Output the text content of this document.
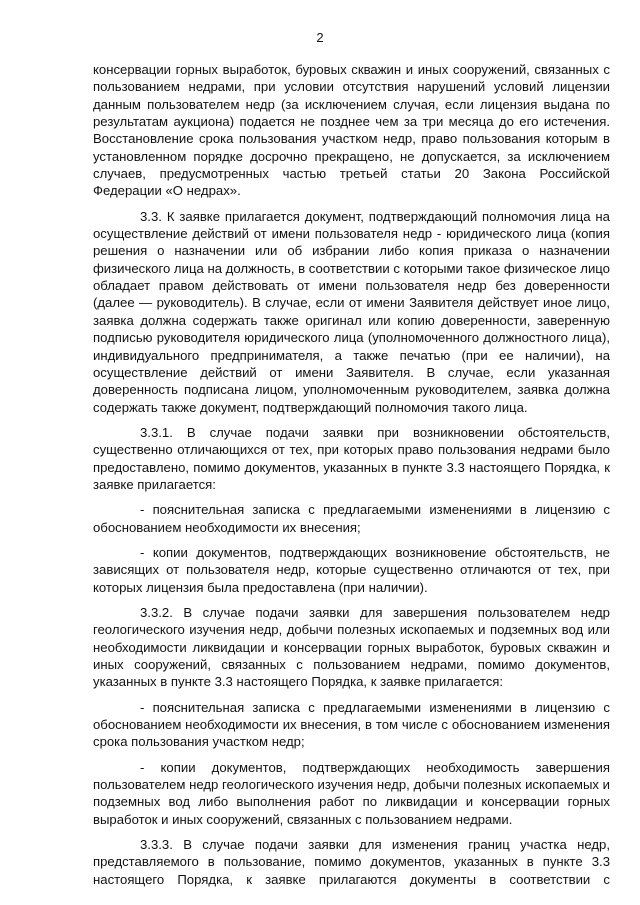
2

консервации горных выработок, буровых скважин и иных сооружений, связанных с пользованием недрами, при условии отсутствия нарушений условий лицензии данным пользователем недр (за исключением случая, если лицензия выдана по результатам аукциона) подается не позднее чем за три месяца до его истечения. Восстановление срока пользования участком недр, право пользования которым в установленном порядке досрочно прекращено, не допускается, за исключением случаев, предусмотренных частью третьей статьи 20 Закона Российской Федерации «О недрах».

3.3. К заявке прилагается документ, подтверждающий полномочия лица на осуществление действий от имени пользователя недр - юридического лица (копия решения о назначении или об избрании либо копия приказа о назначении физического лица на должность, в соответствии с которыми такое физическое лицо обладает правом действовать от имени пользователя недр без доверенности (далее — руководитель). В случае, если от имени Заявителя действует иное лицо, заявка должна содержать также оригинал или копию доверенности, заверенную подписью руководителя юридического лица (уполномоченного должностного лица), индивидуального предпринимателя, а также печатью (при ее наличии), на осуществление действий от имени Заявителя. В случае, если указанная доверенность подписана лицом, уполномоченным руководителем, заявка должна содержать также документ, подтверждающий полномочия такого лица.

3.3.1. В случае подачи заявки при возникновении обстоятельств, существенно отличающихся от тех, при которых право пользования недрами было предоставлено, помимо документов, указанных в пункте 3.3 настоящего Порядка, к заявке прилагается:

- пояснительная записка с предлагаемыми изменениями в лицензию с обоснованием необходимости их внесения;

- копии документов, подтверждающих возникновение обстоятельств, не зависящих от пользователя недр, которые существенно отличаются от тех, при которых лицензия была предоставлена (при наличии).

3.3.2. В случае подачи заявки для завершения пользователем недр геологического изучения недр, добычи полезных ископаемых и подземных вод или необходимости ликвидации и консервации горных выработок, буровых скважин и иных сооружений, связанных с пользованием недрами, помимо документов, указанных в пункте 3.3 настоящего Порядка, к заявке прилагается:

- пояснительная записка с предлагаемыми изменениями в лицензию с обоснованием необходимости их внесения, в том числе с обоснованием изменения срока пользования участком недр;

- копии документов, подтверждающих необходимость завершения пользователем недр геологического изучения недр, добычи полезных ископаемых и подземных вод либо выполнения работ по ликвидации и консервации горных выработок и иных сооружений, связанных с пользованием недрами.

3.3.3. В случае подачи заявки для изменения границ участка недр, представляемого в пользование, помимо документов, указанных в пункте 3.3 настоящего Порядка, к заявке прилагаются документы в соответствии с
